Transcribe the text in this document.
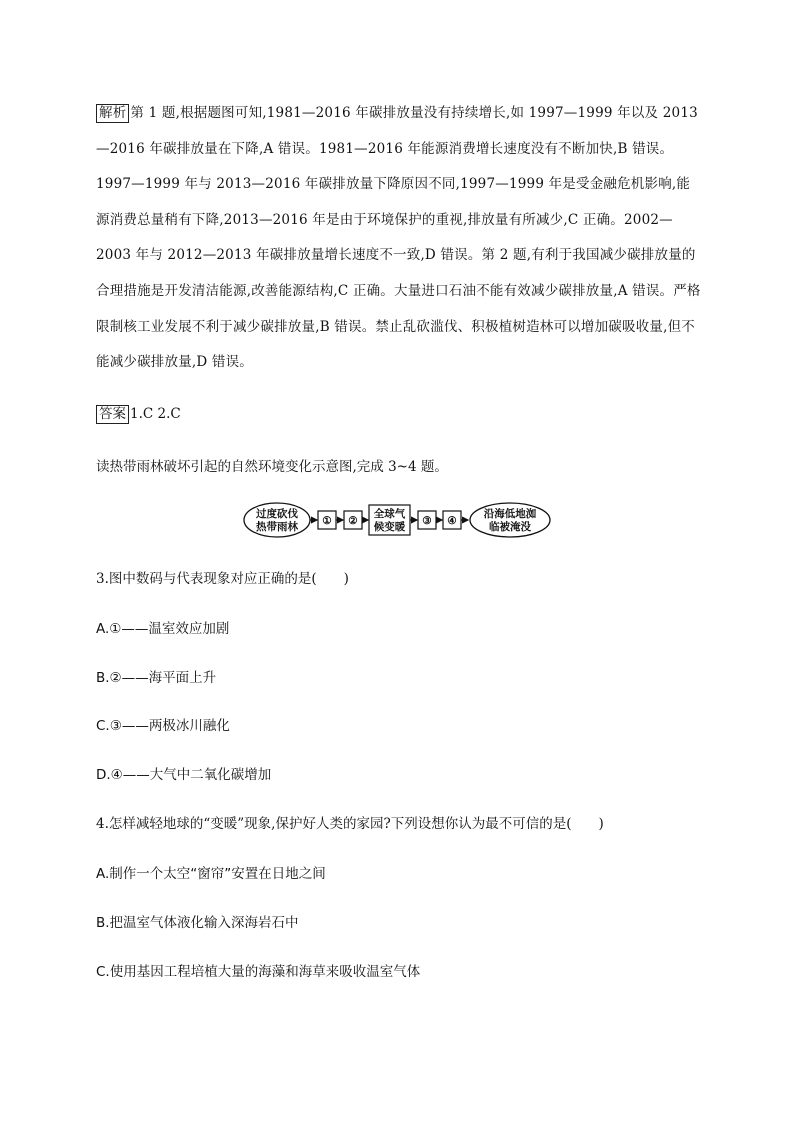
解析 第 1 题,根据题图可知,1981—2016 年碳排放量没有持续增长,如 1997—1999 年以及 2013—2016 年碳排放量在下降,A 错误。1981—2016 年能源消费增长速度没有不断加快,B 错误。1997—1999 年与 2013—2016 年碳排放量下降原因不同,1997—1999 年是受金融危机影响,能源消费总量稍有下降,2013—2016 年是由于环境保护的重视,排放量有所减少,C 正确。2002—2003 年与 2012—2013 年碳排放量增长速度不一致,D 错误。第 2 题,有利于我国减少碳排放量的合理措施是开发清洁能源,改善能源结构,C 正确。大量进口石油不能有效减少碳排放量,A 错误。严格限制核工业发展不利于减少碳排放量,B 错误。禁止乱砍滥伐、积极植树造林可以增加碳吸收量,但不能减少碳排放量,D 错误。
答案 1.C 2.C
读热带雨林破坏引起的自然环境变化示意图,完成 3~4 题。
过度砍伐
热带雨林 ① ②
全球气
候变暖 ③ ④
沿海低地洳
临被淹没
3.图中数码与代表现象对应正确的是(　　)
A.①——温室效应加剧
B.②——海平面上升
C.③——两极冰川融化
D.④——大气中二氧化碳增加
4.怎样减轻地球的“变暖”现象,保护好人类的家园?下列设想你认为最不可信的是(　　)
A.制作一个太空“窗帘”安置在日地之间
B.把温室气体液化输入深海岩石中
C.使用基因工程培植大量的海藻和海草来吸收温室气体
